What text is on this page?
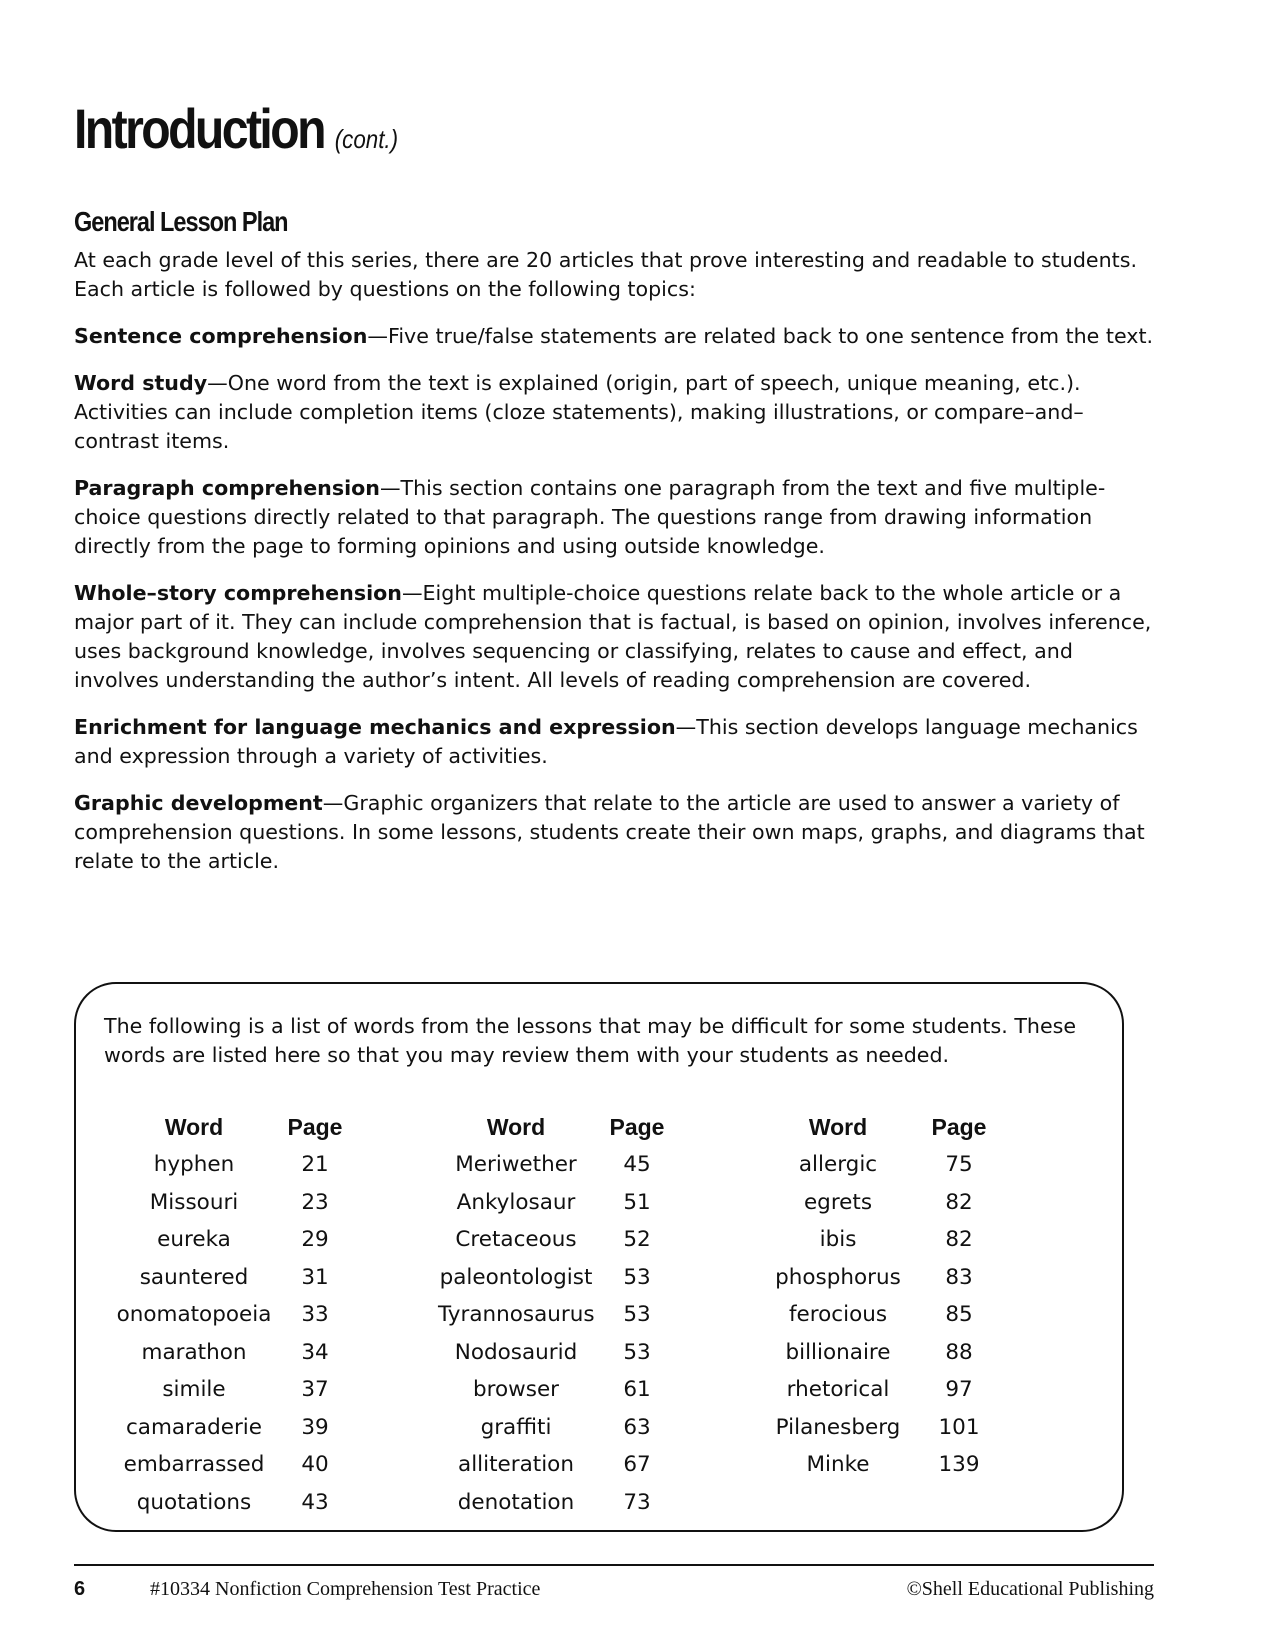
Introduction (cont.)
General Lesson Plan

At each grade level of this series, there are 20 articles that prove interesting and readable to students. Each article is followed by questions on the following topics:

Sentence comprehension—Five true/false statements are related back to one sentence from the text.

Word study—One word from the text is explained (origin, part of speech, unique meaning, etc.). Activities can include completion items (cloze statements), making illustrations, or compare–and–contrast items.

Paragraph comprehension—This section contains one paragraph from the text and five multiple-choice questions directly related to that paragraph. The questions range from drawing information directly from the page to forming opinions and using outside knowledge.

Whole–story comprehension—Eight multiple-choice questions relate back to the whole article or a major part of it. They can include comprehension that is factual, is based on opinion, involves inference, uses background knowledge, involves sequencing or classifying, relates to cause and effect, and involves understanding the author’s intent. All levels of reading comprehension are covered.

Enrichment for language mechanics and expression—This section develops language mechanics and expression through a variety of activities.

Graphic development—Graphic organizers that relate to the article are used to answer a variety of comprehension questions. In some lessons, students create their own maps, graphs, and diagrams that relate to the article.

The following is a list of words from the lessons that may be difficult for some students. These words are listed here so that you may review them with your students as needed.

Word	Page
hyphen	21
Missouri	23
eureka	29
sauntered	31
onomatopoeia	33
marathon	34
simile	37
camaraderie	39
embarrassed	40
quotations	43
Word	Page
Meriwether	45
Ankylosaur	51
Cretaceous	52
paleontologist	53
Tyrannosaurus	53
Nodosaurid	53
browser	61
graffiti	63
alliteration	67
denotation	73
Word	Page
allergic	75
egrets	82
ibis	82
phosphorus	83
ferocious	85
billionaire	88
rhetorical	97
Pilanesberg	101
Minke	139
6	#10334 Nonfiction Comprehension Test Practice	©Shell Educational Publishing
